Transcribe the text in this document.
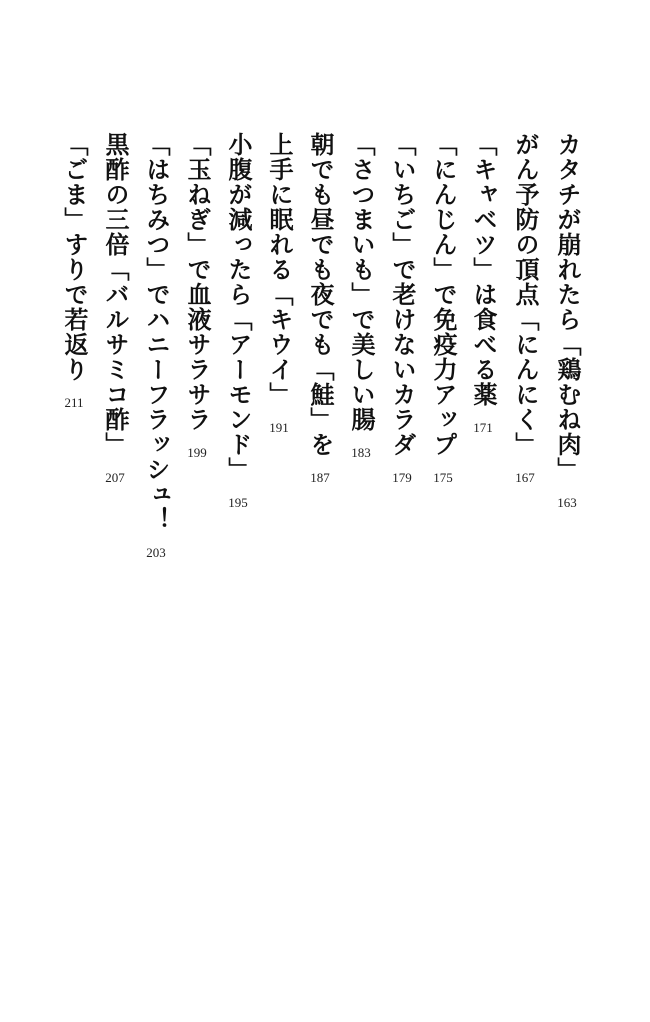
カタチが崩れたら「鶏むね肉」
163
がん予防の頂点「にんにく」
167
「キャベツ」は食べる薬
171
「にんじん」で免疫力アップ
175
「いちご」で老けないカラダ
179
「さつまいも」で美しい腸
183
朝でも昼でも夜でも「鮭」を
187
上手に眠れる「キウイ」
191
小腹が減ったら「アーモンド」
195
「玉ねぎ」で血液サラサラ
199
「はちみつ」でハニーフラッシュ！
203
黒酢の三倍「バルサミコ酢」
207
「ごま」すりで若返り
211
